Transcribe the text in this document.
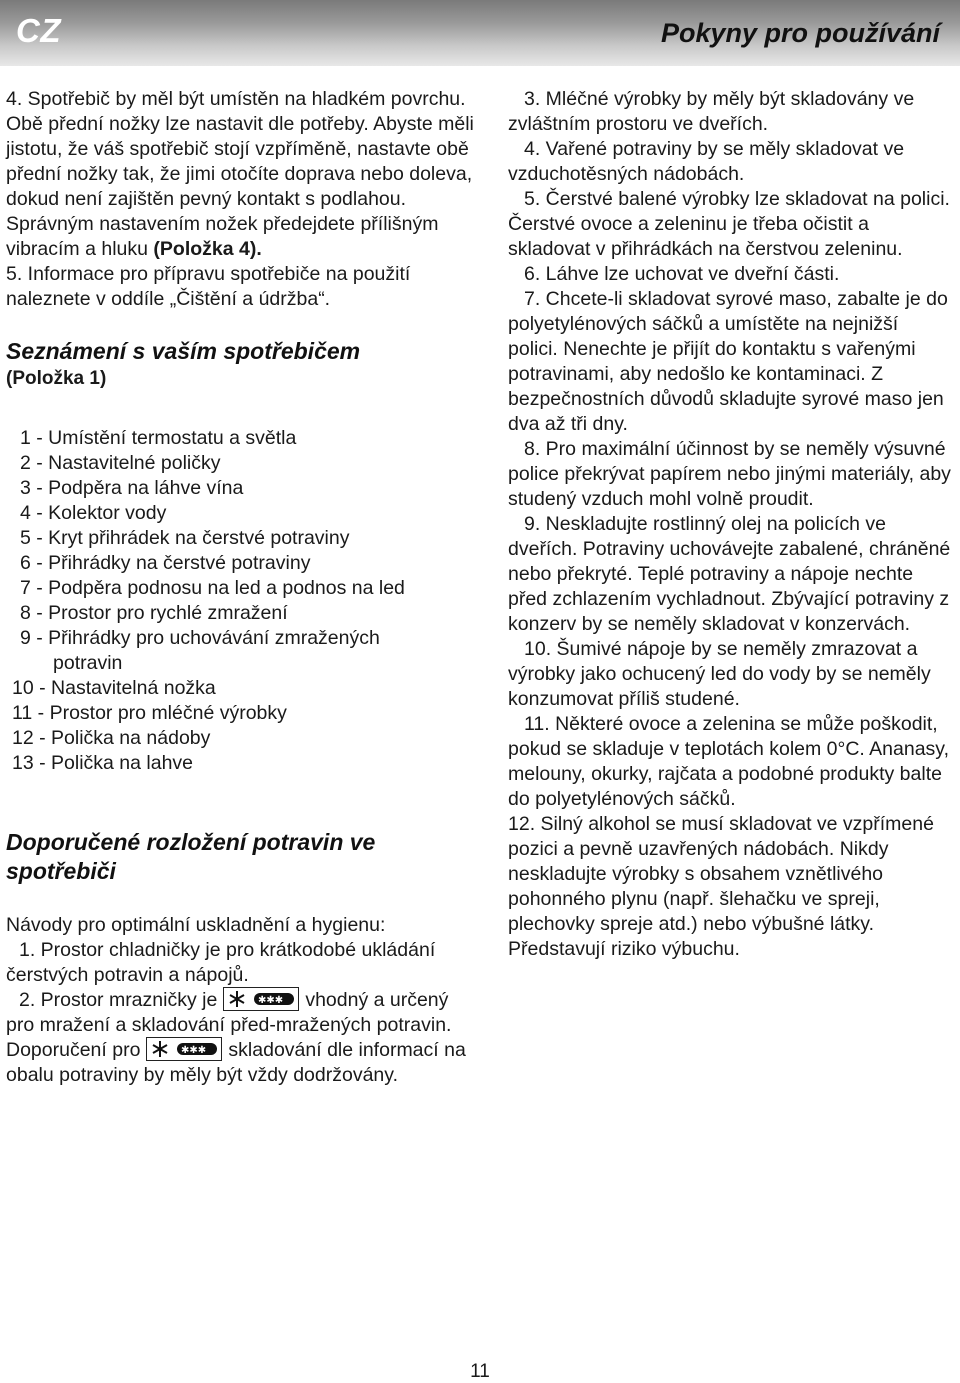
CZ	Pokyny pro používání

4. Spotřebič by měl být umístěn na hladkém povrchu. Obě přední nožky lze nastavit dle potřeby. Abyste měli jistotu, že váš spotřebič stojí vzpříměně, nastavte obě přední nožky tak, že jimi otočíte doprava nebo doleva, dokud není zajištěn pevný kontakt s podlahou. Správným nastavením nožek předejdete přílišným vibracím a hluku (Položka 4).

5. Informace pro přípravu spotřebiče na použití naleznete v oddíle „Čištění a údržba“.

Seznámení s vaším spotřebičem

(Položka 1)

1 - Umístění termostatu a světla
2 - Nastavitelné poličky
3 - Podpěra na láhve vína
4 - Kolektor vody
5 - Kryt přihrádek na čerstvé potraviny
6 - Přihrádky na čerstvé potraviny
7 - Podpěra podnosu na led a podnos na led
8 - Prostor pro rychlé zmražení
9 - Přihrádky pro uchovávání zmražených
potravin
10 - Nastavitelná nožka
11 - Prostor pro mléčné výrobky
12 - Polička na nádoby
13 - Polička na lahve

Doporučené rozložení potravin ve spotřebiči

Návody pro optimální uskladnění a hygienu:

1. Prostor chladničky je pro krátkodobé ukládání čerstvých potravin a nápojů.

2. Prostor mrazničky je	✱✱✱ vhodný a určený pro mražení a skladování před-mražených potravin.

Doporučení pro	✱✱✱ skladování dle informací na obalu potraviny by měly být vždy dodržovány.

3. Mléčné výrobky by měly být skladovány ve zvláštním prostoru ve dveřích.

4. Vařené potraviny by se měly skladovat ve vzduchotěsných nádobách.

5. Čerstvé balené výrobky lze skladovat na polici. Čerstvé ovoce a zeleninu je třeba očistit a skladovat v přihrádkách na čerstvou zeleninu.

6. Láhve lze uchovat ve dveřní části.

7. Chcete-li skladovat syrové maso, zabalte je do polyetylénových sáčků a umístěte na nejnižší polici. Nenechte je přijít do kontaktu s vařenými potravinami, aby nedošlo ke kontaminaci. Z bezpečnostních důvodů skladujte syrové maso jen dva až tři dny.

8. Pro maximální účinnost by se neměly výsuvné police překrývat papírem nebo jinými materiály, aby studený vzduch mohl volně proudit.

9. Neskladujte rostlinný olej na policích ve dveřích. Potraviny uchovávejte zabalené, chráněné nebo překryté. Teplé potraviny a nápoje nechte před zchlazením vychladnout. Zbývající potraviny z konzerv by se neměly skladovat v konzervách.

10. Šumivé nápoje by se neměly zmrazovat a výrobky jako ochucený led do vody by se neměly konzumovat příliš studené.

11. Některé ovoce a zelenina se může poškodit, pokud se skladuje v teplotách kolem 0°C. Ananasy, melouny, okurky, rajčata a podobné produkty balte do polyetylénových sáčků.

12. Silný alkohol se musí skladovat ve vzpřímené pozici a pevně uzavřených nádobách. Nikdy neskladujte výrobky s obsahem vznětlivého pohonného plynu (např. šlehačku ve spreji, plechovky spreje atd.) nebo výbušné látky. Představují riziko výbuchu.

11
